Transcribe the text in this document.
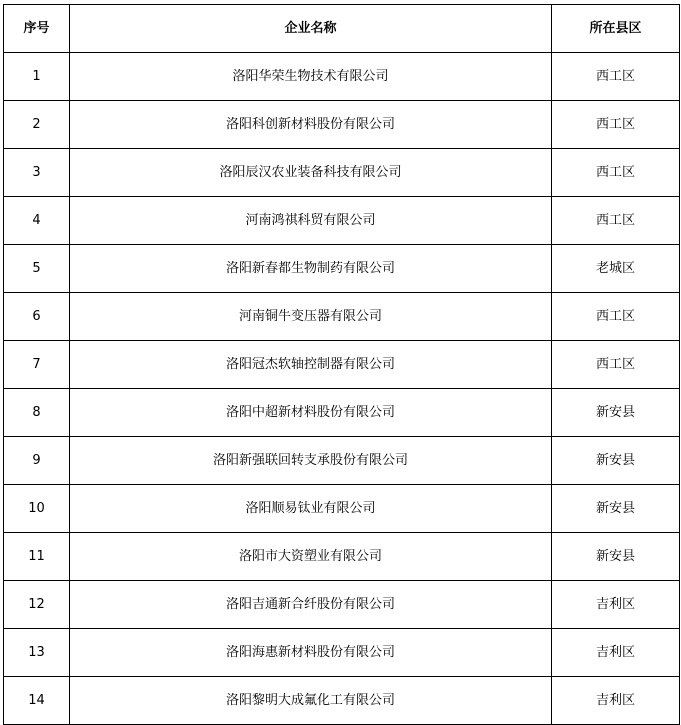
序号	企业名称	所在县区
1	洛阳华荣生物技术有限公司	西工区
2	洛阳科创新材料股份有限公司	西工区
3	洛阳辰汉农业装备科技有限公司	西工区
4	河南鸿祺科贸有限公司	西工区
5	洛阳新春都生物制药有限公司	老城区
6	河南铜牛变压器有限公司	西工区
7	洛阳冠杰软轴控制器有限公司	西工区
8	洛阳中超新材料股份有限公司	新安县
9	洛阳新强联回转支承股份有限公司	新安县
10	洛阳顺易钛业有限公司	新安县
11	洛阳市大资塑业有限公司	新安县
12	洛阳吉通新合纤股份有限公司	吉利区
13	洛阳海惠新材料股份有限公司	吉利区
14	洛阳黎明大成氟化工有限公司	吉利区
